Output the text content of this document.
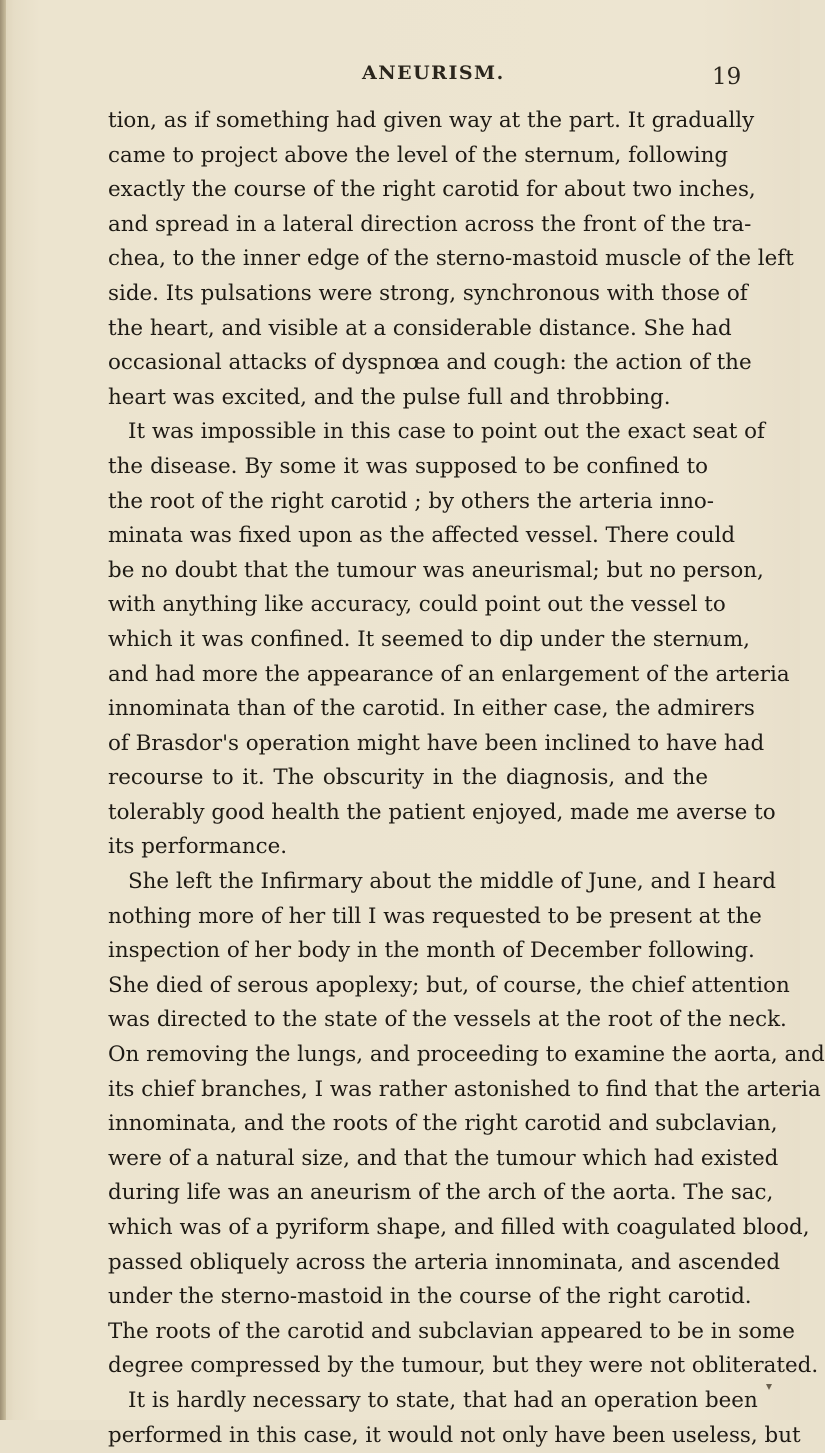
ANEURISM.	19
tion, as if something had given way at the part. It gradually
came to project above the level of the sternum, following
exactly the course of the right carotid for about two inches,
and spread in a lateral direction across the front of the tra-
chea, to the inner edge of the sterno-mastoid muscle of the left
side. Its pulsations were strong, synchronous with those of
the heart, and visible at a considerable distance. She had
occasional attacks of dyspnœa and cough: the action of the
heart was excited, and the pulse full and throbbing.
It was impossible in this case to point out the exact seat of
the disease. By some it was supposed to be confined to
the root of the right carotid ; by others the arteria inno-
minata was fixed upon as the affected vessel. There could
be no doubt that the tumour was aneurismal; but no person,
with anything like accuracy, could point out the vessel to
which it was confined. It seemed to dip under the sternum,
and had more the appearance of an enlargement of the arteria
innominata than of the carotid. In either case, the admirers
of Brasdor's operation might have been inclined to have had
recourse to it. The obscurity in the diagnosis, and the
tolerably good health the patient enjoyed, made me averse to
its performance.
She left the Infirmary about the middle of June, and I heard
nothing more of her till I was requested to be present at the
inspection of her body in the month of December following.
She died of serous apoplexy; but, of course, the chief attention
was directed to the state of the vessels at the root of the neck.
On removing the lungs, and proceeding to examine the aorta, and
its chief branches, I was rather astonished to find that the arteria
innominata, and the roots of the right carotid and subclavian,
were of a natural size, and that the tumour which had existed
during life was an aneurism of the arch of the aorta. The sac,
which was of a pyriform shape, and filled with coagulated blood,
passed obliquely across the arteria innominata, and ascended
under the sterno-mastoid in the course of the right carotid.
The roots of the carotid and subclavian appeared to be in some
degree compressed by the tumour, but they were not obliterated.
It is hardly necessary to state, that had an operation been
performed in this case, it would not only have been useless, but
